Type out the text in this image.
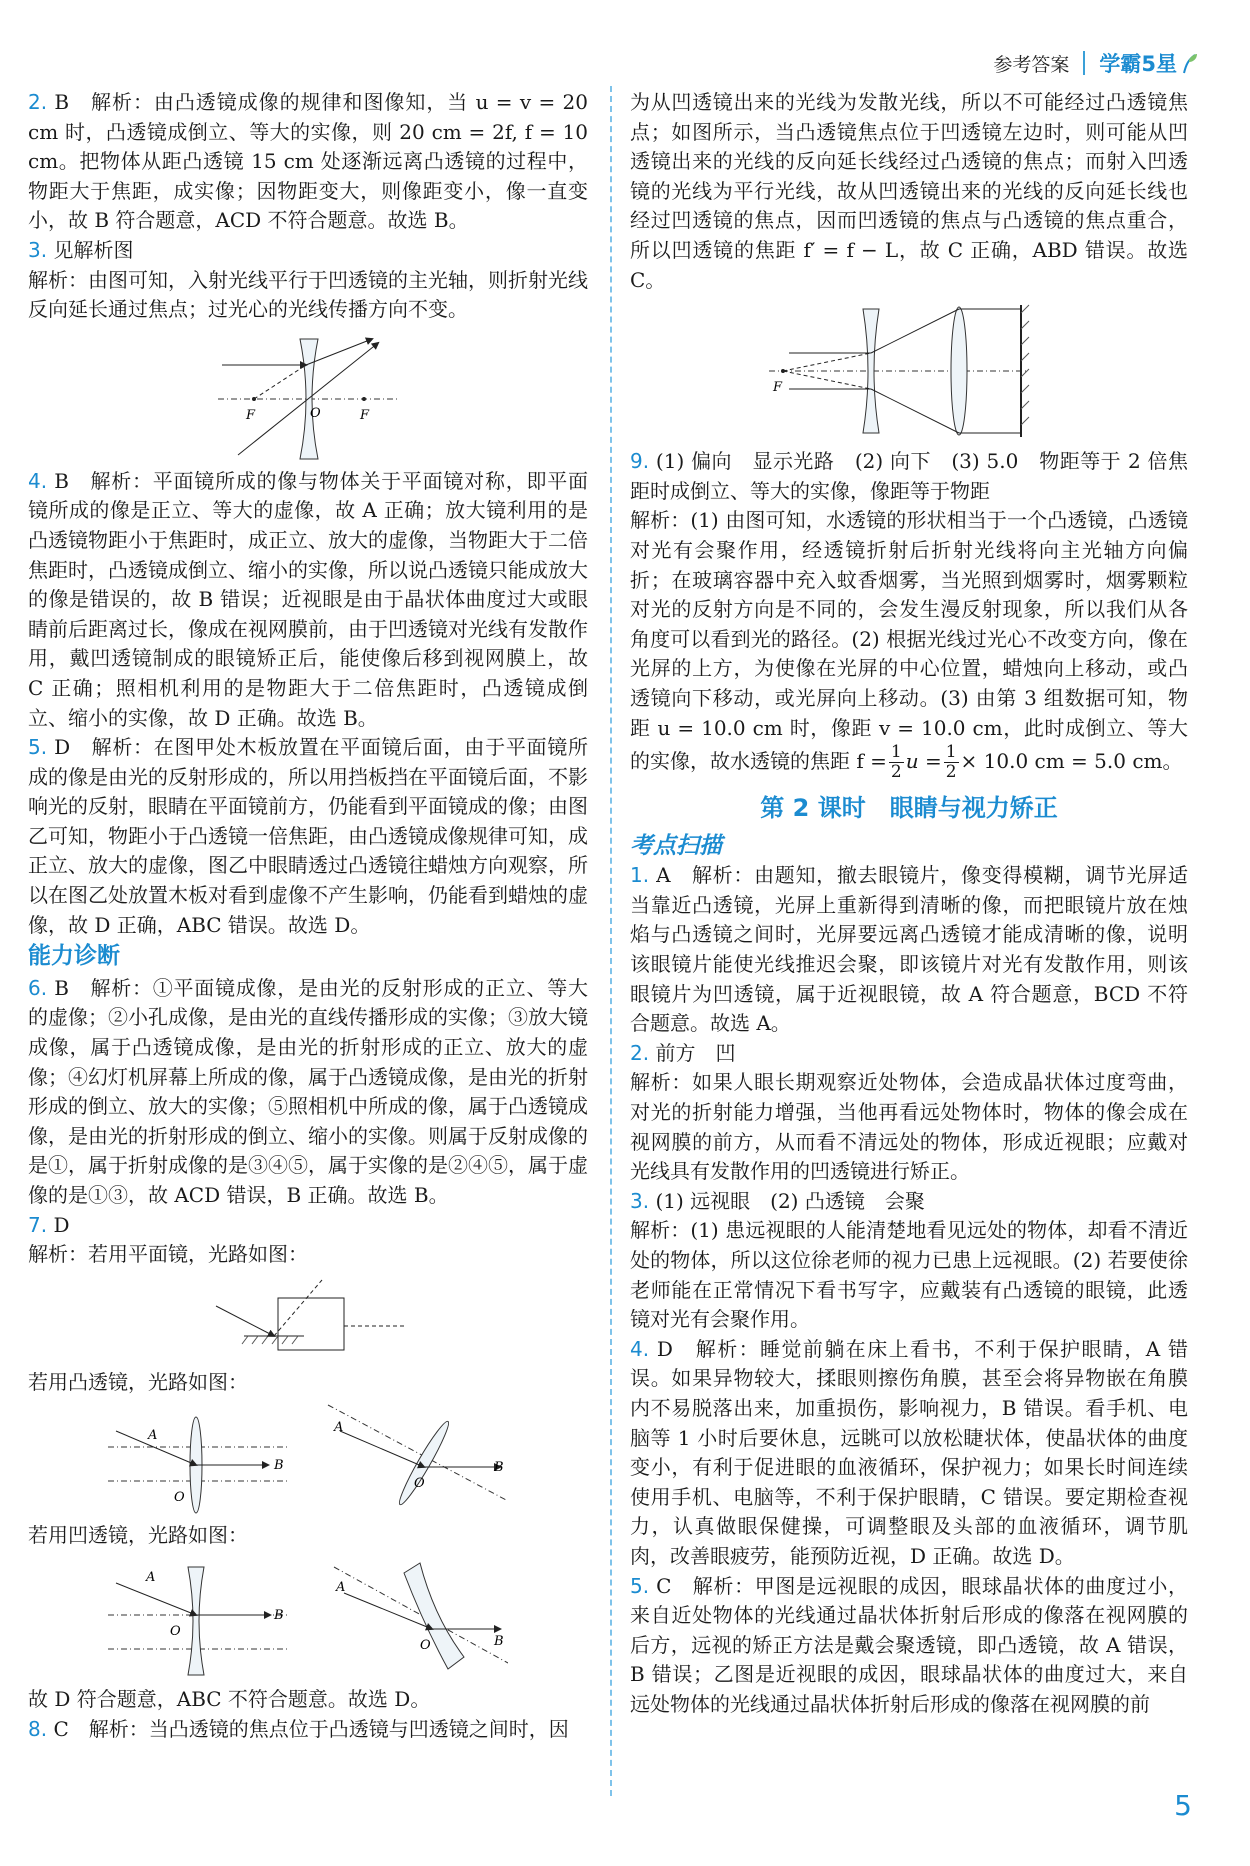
参考答案 学霸5星

2. B　解析：由凸透镜成像的规律和图像知，当 u = v = 20 cm 时，凸透镜成倒立、等大的实像，则 20 cm = 2f, f = 10 cm。把物体从距凸透镜 15 cm 处逐渐远离凸透镜的过程中，物距大于焦距，成实像；因物距变大，则像距变小，像一直变小，故 B 符合题意，ACD 不符合题意。故选 B。

3. 见解析图

解析：由图可知，入射光线平行于凹透镜的主光轴，则折射光线反向延长通过焦点；过光心的光线传播方向不变。

F	O	F

4. B　解析：平面镜所成的像与物体关于平面镜对称，即平面镜所成的像是正立、等大的虚像，故 A 正确；放大镜利用的是凸透镜物距小于焦距时，成正立、放大的虚像，当物距大于二倍焦距时，凸透镜成倒立、缩小的实像，所以说凸透镜只能成放大的像是错误的，故 B 错误；近视眼是由于晶状体曲度过大或眼睛前后距离过长，像成在视网膜前，由于凹透镜对光线有发散作用，戴凹透镜制成的眼镜矫正后，能使像后移到视网膜上，故 C 正确；照相机利用的是物距大于二倍焦距时，凸透镜成倒立、缩小的实像，故 D 正确。故选 B。

5. D　解析：在图甲处木板放置在平面镜后面，由于平面镜所成的像是由光的反射形成的，所以用挡板挡在平面镜后面，不影响光的反射，眼睛在平面镜前方，仍能看到平面镜成的像；由图乙可知，物距小于凸透镜一倍焦距，由凸透镜成像规律可知，成正立、放大的虚像，图乙中眼睛透过凸透镜往蜡烛方向观察，所以在图乙处放置木板对看到虚像不产生影响，仍能看到蜡烛的虚像，故 D 正确，ABC 错误。故选 D。

能力诊断

6. B　解析：①平面镜成像，是由光的反射形成的正立、等大的虚像；②小孔成像，是由光的直线传播形成的实像；③放大镜成像，属于凸透镜成像，是由光的折射形成的正立、放大的虚像；④幻灯机屏幕上所成的像，属于凸透镜成像，是由光的折射形成的倒立、放大的实像；⑤照相机中所成的像，属于凸透镜成像，是由光的折射形成的倒立、缩小的实像。则属于反射成像的是①，属于折射成像的是③④⑤，属于实像的是②④⑤，属于虚像的是①③，故 ACD 错误，B 正确。故选 B。

7. D

解析：若用平面镜，光路如图：

若用凸透镜，光路如图：

A
O
B
A
O
B

若用凹透镜，光路如图：

A
O
B
A
O	B

故 D 符合题意，ABC 不符合题意。故选 D。

8. C　解析：当凸透镜的焦点位于凸透镜与凹透镜之间时，因

为从凹透镜出来的光线为发散光线，所以不可能经过凸透镜焦点；如图所示，当凸透镜焦点位于凹透镜左边时，则可能从凹透镜出来的光线的反向延长线经过凸透镜的焦点；而射入凹透镜的光线为平行光线，故从凹透镜出来的光线的反向延长线也经过凹透镜的焦点，因而凹透镜的焦点与凸透镜的焦点重合，所以凹透镜的焦距 f′ = f − L，故 C 正确，ABD 错误。故选 C。

F

9. (1) 偏向　显示光路　(2) 向下　(3) 5.0　物距等于 2 倍焦距时成倒立、等大的实像，像距等于物距

解析：(1) 由图可知，水透镜的形状相当于一个凸透镜，凸透镜对光有会聚作用，经透镜折射后折射光线将向主光轴方向偏折；在玻璃容器中充入蚊香烟雾，当光照到烟雾时，烟雾颗粒对光的反射方向是不同的，会发生漫反射现象，所以我们从各角度可以看到光的路径。(2) 根据光线过光心不改变方向，像在光屏的上方，为使像在光屏的中心位置，蜡烛向上移动，或凸透镜向下移动，或光屏向上移动。(3) 由第 3 组数据可知，物距 u = 10.0 cm 时，像距 v = 10.0 cm，此时成倒立、等大的实像，故水透镜的焦距 $f = \frac{1}{2}$ $u = \frac{1}{2} \times 10.0$ cm = 5.0 cm。

第 2 课时　眼睛与视力矫正

考点扫描

1. A　解析：由题知，撤去眼镜片，像变得模糊，调节光屏适当靠近凸透镜，光屏上重新得到清晰的像，而把眼镜片放在烛焰与凸透镜之间时，光屏要远离凸透镜才能成清晰的像，说明该眼镜片能使光线推迟会聚，即该镜片对光有发散作用，则该眼镜片为凹透镜，属于近视眼镜，故 A 符合题意，BCD 不符合题意。故选 A。

2. 前方　凹

解析：如果人眼长期观察近处物体，会造成晶状体过度弯曲，对光的折射能力增强，当他再看远处物体时，物体的像会成在视网膜的前方，从而看不清远处的物体，形成近视眼；应戴对光线具有发散作用的凹透镜进行矫正。

3. (1) 远视眼　(2) 凸透镜　会聚

解析：(1) 患远视眼的人能清楚地看见远处的物体，却看不清近处的物体，所以这位徐老师的视力已患上远视眼。(2) 若要使徐老师能在正常情况下看书写字，应戴装有凸透镜的眼镜，此透镜对光有会聚作用。

4. D　解析：睡觉前躺在床上看书，不利于保护眼睛，A 错误。如果异物较大，揉眼则擦伤角膜，甚至会将异物嵌在角膜内不易脱落出来，加重损伤，影响视力，B 错误。看手机、电脑等 1 小时后要休息，远眺可以放松睫状体，使晶状体的曲度变小，有利于促进眼的血液循环，保护视力；如果长时间连续使用手机、电脑等，不利于保护眼睛，C 错误。要定期检查视力，认真做眼保健操，可调整眼及头部的血液循环，调节肌肉，改善眼疲劳，能预防近视，D 正确。故选 D。

5. C　解析：甲图是远视眼的成因，眼球晶状体的曲度过小，来自近处物体的光线通过晶状体折射后形成的像落在视网膜的后方，远视的矫正方法是戴会聚透镜，即凸透镜，故 A 错误，B 错误；乙图是近视眼的成因，眼球晶状体的曲度过大，来自远处物体的光线通过晶状体折射后形成的像落在视网膜的前

5
